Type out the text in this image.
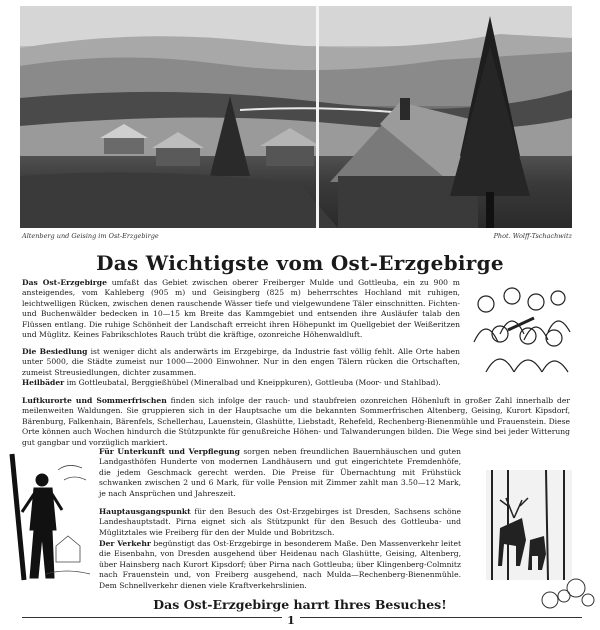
Altenberg und Geising im Ost-Erzgebirge	Phot. Wolff-Tschachwitz
Das Wichtigste vom Ost-Erzgebirge
Das Ost-Erzgebirge umfaßt das Gebiet zwischen oberer Freiberger Mulde und Gottleuba, ein zu 900 m ansteigendes, vom Kahleberg (905 m) und Geisingberg (825 m) beherrschtes Hochland mit ruhigen, leichtwelligen Rücken, zwischen denen rauschende Wässer tiefe und vielgewundene Täler einschnitten. Fichten- und Buchenwälder bedecken in 10—15 km Breite das Kammgebiet und entsenden ihre Ausläufer talab den Flüssen entlang. Die ruhige Schönheit der Landschaft erreicht ihren Höhepunkt im Quellgebiet der Weißeritzen und Müglitz. Keines Fabrikschlotes Rauch trübt die kräftige, ozonreiche Höhenwaldluft.
Die Besiedlung ist weniger dicht als anderwärts im Erzgebirge, da Industrie fast völlig fehlt. Alle Orte haben unter 5000, die Städte zumeist nur 1000—2000 Einwohner. Nur in den engen Tälern rücken die Ortschaften, zumeist Streusiedlungen, dichter zusammen.
Heilbäder im Gottleubatal, Berggießhübel (Mineralbad und Kneippkuren), Gottleuba (Moor- und Stahlbad).
Luftkurorte und Sommerfrischen finden sich infolge der rauch- und staubfreien ozonreichen Höhenluft in großer Zahl innerhalb der meilenweiten Waldungen. Sie gruppieren sich in der Hauptsache um die bekannten Sommerfrischen Altenberg, Geising, Kurort Kipsdorf, Bärenburg, Falkenhain, Bärenfels, Schellerhau, Lauenstein, Glashütte, Liebstadt, Rehefeld, Rechenberg-Bienenmühle und Frauenstein. Diese Orte können auch Wochen hindurch die Stützpunkte für genußreiche Höhen- und Talwanderungen bilden. Die Wege sind bei jeder Witterung gut gangbar und vorzüglich markiert.
Für Unterkunft und Verpflegung sorgen neben freundlichen Bauernhäuschen und guten Landgasthöfen Hunderte von modernen Landhäusern und gut eingerichtete Fremdenhöfe, die jedem Geschmack gerecht werden. Die Preise für Übernachtung mit Frühstück schwanken zwischen 2 und 6 Mark, für volle Pension mit Zimmer zahlt man 3.50—12 Mark, je nach Ansprüchen und Jahreszeit.
Hauptausgangspunkt für den Besuch des Ost-Erzgebirges ist Dresden, Sachsens schöne Landeshauptstadt. Pirna eignet sich als Stützpunkt für den Besuch des Gottleuba- und Müglitztales wie Freiberg für den der Mulde und Bobritzsch.
Der Verkehr begünstigt das Ost-Erzgebirge in besonderem Maße. Den Massenverkehr leitet die Eisenbahn, von Dresden ausgehend über Heidenau nach Glashütte, Geising, Altenberg, über Hainsberg nach Kurort Kipsdorf; über Pirna nach Gottleuba; über Klingenberg-Colmnitz nach Frauenstein und, von Freiberg ausgehend, nach Mulda—Rechenberg-Bienenmühle. Dem Schnellverkehr dienen viele Kraftverkehrslinien.
Das Ost-Erzgebirge harrt Ihres Besuches!
1
